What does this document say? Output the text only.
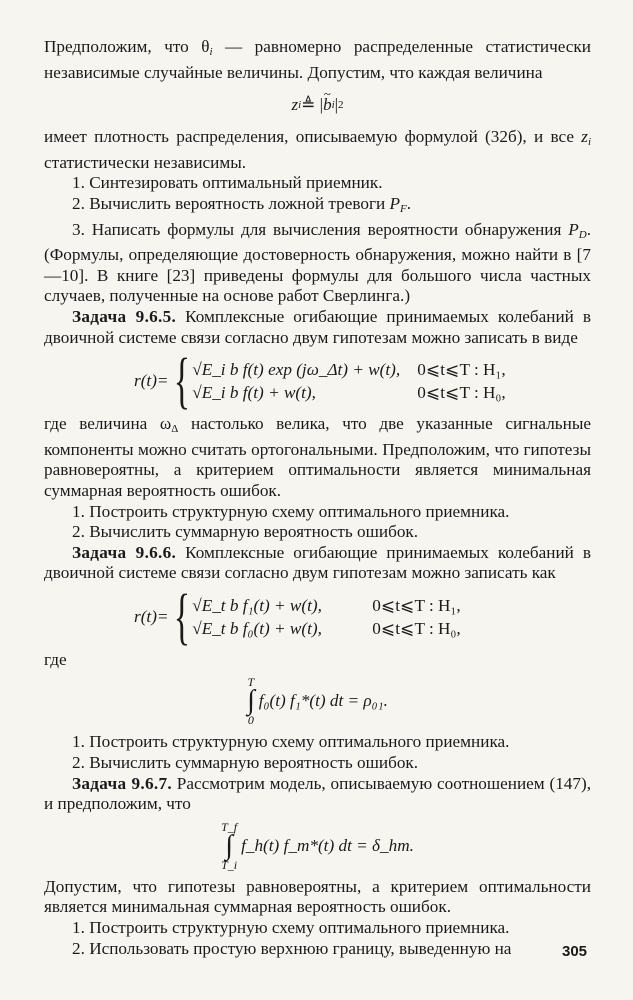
Предположим, что $\theta_i$ — равномерно распределенные статистически независимые случайные величины. Допустим, что каждая величина

z i ≜ | ~ b i | 2

имеет плотность распределения, описываемую формулой (32б), и все $z_i$ статистически независимы.

1. Синтезировать оптимальный приемник.

2. Вычислить вероятность ложной тревоги $P_F$.

3. Написать формулы для вычисления вероятности обнаружения $P_D$. (Формулы, определяющие достоверность обнаружения, можно найти в [7—10]. В книге [23] приведены формулы для большого числа частных случаев, полученные на основе работ Сверлинга.)

Задача 9.6.5. Комплексные огибающие принимаемых колебаний в двоичной системе связи согласно двум гипотезам можно записать в виде

r(t)= { √E_i b f(t) exp (jω_Δt) + w(t), 0⩽t⩽T : H₁,
√E_i b f(t) + w(t),	0⩽t⩽T : H₀,

где величина $\omega_\Delta$ настолько велика, что две указанные сигнальные компоненты можно считать ортогональными. Предположим, что гипотезы равновероятны, а критерием оптимальности является минимальная суммарная вероятность ошибок.

1. Построить структурную схему оптимального приемника.

2. Вычислить суммарную вероятность ошибок.

Задача 9.6.6. Комплексные огибающие принимаемых колебаний в двоичной системе связи согласно двум гипотезам можно записать как

r(t)= { √E_t b f₁(t) + w(t),	0⩽t⩽T : H₁,
√E_t b f₀(t) + w(t),	0⩽t⩽T : H₀,

где

T
∫
0
f₀(t) f₁*(t) dt = ρ₀₁.

1. Построить структурную схему оптимального приемника.

2. Вычислить суммарную вероятность ошибок.

Задача 9.6.7. Рассмотрим модель, описываемую соотношением (147), и предположим, что

T_f
∫
T_i
f_h(t) f_m*(t) dt = δ_hm.

Допустим, что гипотезы равновероятны, а критерием оптимальности является минимальная суммарная вероятность ошибок.

1. Построить структурную схему оптимального приемника.

2. Использовать простую верхнюю границу, выведенную на	305
